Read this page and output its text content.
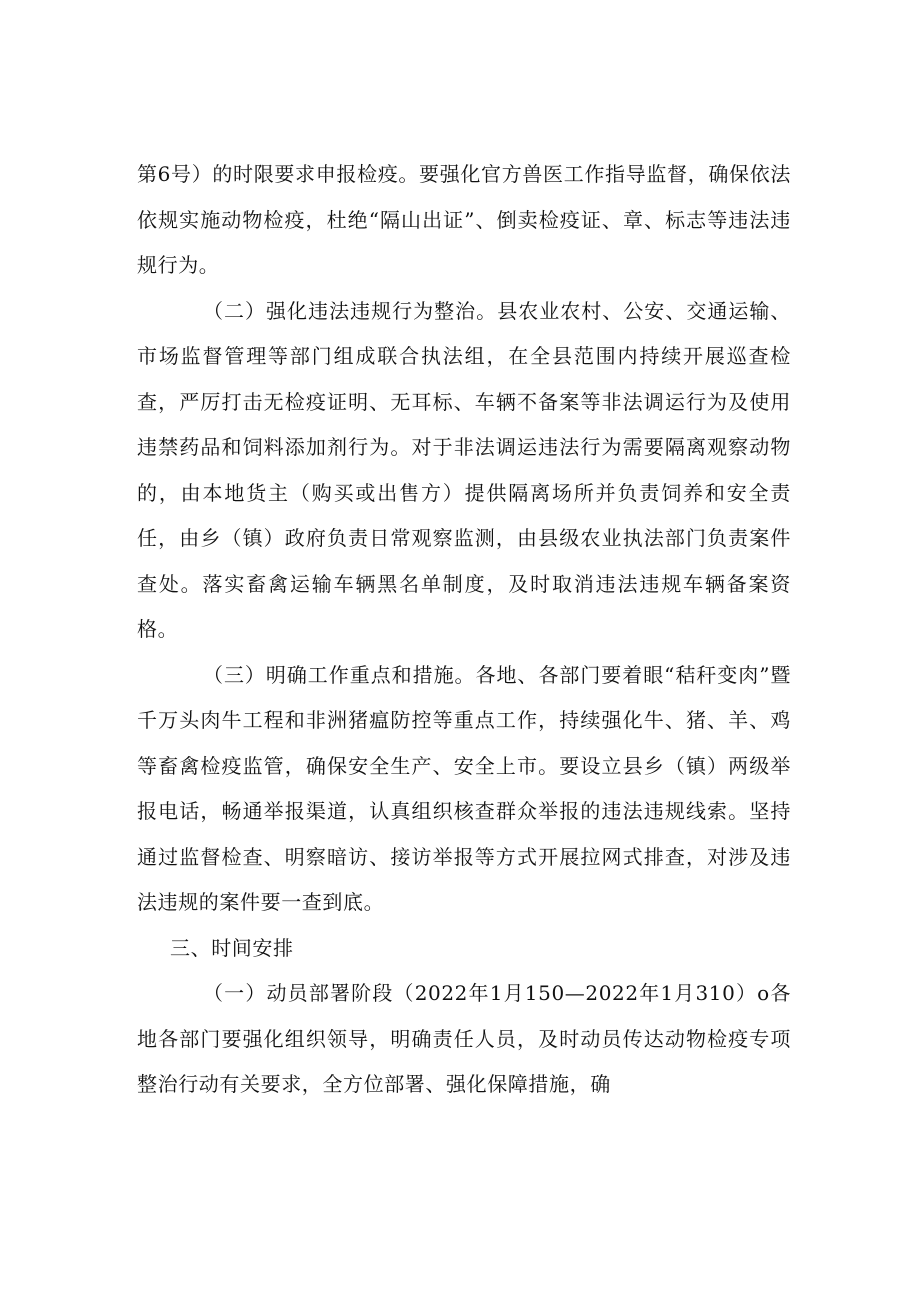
第6号）的时限要求申报检疫。要强化官方兽医工作指导监督，确保依法依规实施动物检疫，杜绝“隔山出证”、倒卖检疫证、章、标志等违法违规行为。

（二）强化违法违规行为整治。县农业农村、公安、交通运输、市场监督管理等部门组成联合执法组，在全县范围内持续开展巡查检查，严厉打击无检疫证明、无耳标、车辆不备案等非法调运行为及使用违禁药品和饲料添加剂行为。对于非法调运违法行为需要隔离观察动物的，由本地货主（购买或出售方）提供隔离场所并负责饲养和安全责任，由乡（镇）政府负责日常观察监测，由县级农业执法部门负责案件查处。落实畜禽运输车辆黑名单制度，及时取消违法违规车辆备案资格。

（三）明确工作重点和措施。各地、各部门要着眼“秸秆变肉”暨千万头肉牛工程和非洲猪瘟防控等重点工作，持续强化牛、猪、羊、鸡等畜禽检疫监管，确保安全生产、安全上市。要设立县乡（镇）两级举报电话，畅通举报渠道，认真组织核查群众举报的违法违规线索。坚持通过监督检查、明察暗访、接访举报等方式开展拉网式排查，对涉及违法违规的案件要一查到底。

三、时间安排

（一）动员部署阶段（2022年1月150—2022年1月310）o各地各部门要强化组织领导，明确责任人员，及时动员传达动物检疫专项整治行动有关要求，全方位部署、强化保障措施，确
